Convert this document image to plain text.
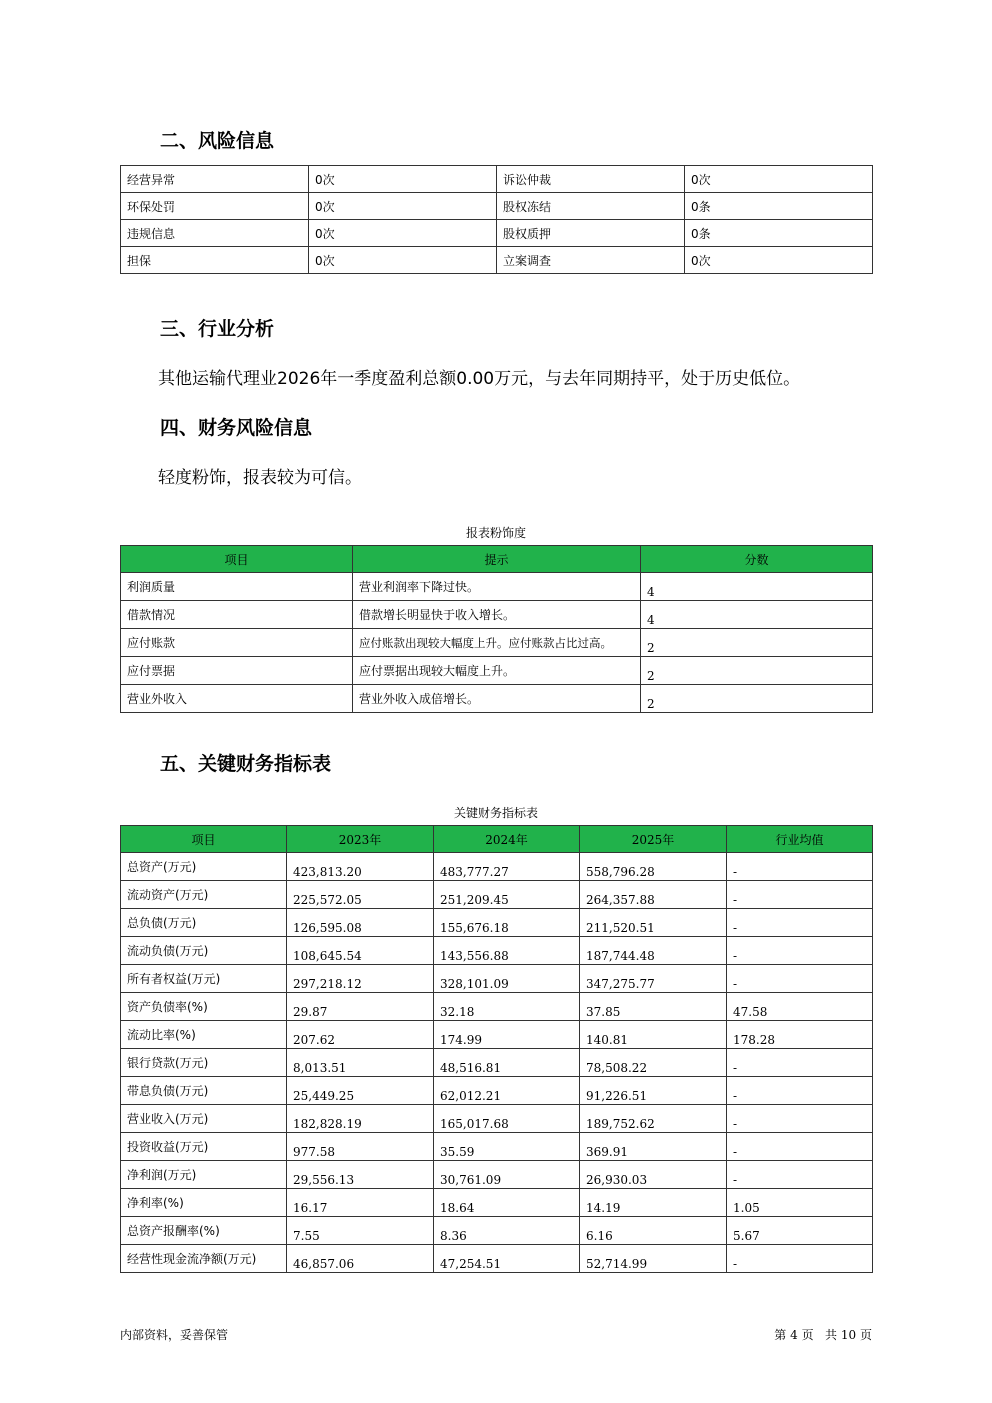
二、风险信息
经营异常	0次	诉讼仲裁	0次
环保处罚	0次	股权冻结	0条
违规信息	0次	股权质押	0条
担保	0次	立案调查	0次
三、行业分析

其他运输代理业2026年一季度盈利总额0.00万元，与去年同期持平，处于历史低位。

四、财务风险信息

轻度粉饰，报表较为可信。

报表粉饰度

项目	提示	分数
利润质量	营业利润率下降过快。	4
借款情况	借款增长明显快于收入增长。	4
应付账款	应付账款出现较大幅度上升。应付账款占比过高。	2
应付票据	应付票据出现较大幅度上升。	2
营业外收入	营业外收入成倍增长。	2
五、关键财务指标表

关键财务指标表

项目	2023年	2024年	2025年	行业均值
总资产(万元)	423,813.20	483,777.27	558,796.28	-
流动资产(万元)	225,572.05	251,209.45	264,357.88	-
总负债(万元)	126,595.08	155,676.18	211,520.51	-
流动负债(万元)	108,645.54	143,556.88	187,744.48	-
所有者权益(万元)	297,218.12	328,101.09	347,275.77	-
资产负债率(%)	29.87	32.18	37.85	47.58
流动比率(%)	207.62	174.99	140.81	178.28
银行贷款(万元)	8,013.51	48,516.81	78,508.22	-
带息负债(万元)	25,449.25	62,012.21	91,226.51	-
营业收入(万元)	182,828.19	165,017.68	189,752.62	-
投资收益(万元)	977.58	35.59	369.91	-
净利润(万元)	29,556.13	30,761.09	26,930.03	-
净利率(%)	16.17	18.64	14.19	1.05
总资产报酬率(%)	7.55	8.36	6.16	5.67
经营性现金流净额(万元)	46,857.06	47,254.51	52,714.99	-
内部资料，妥善保管	第 4 页 共 10 页
